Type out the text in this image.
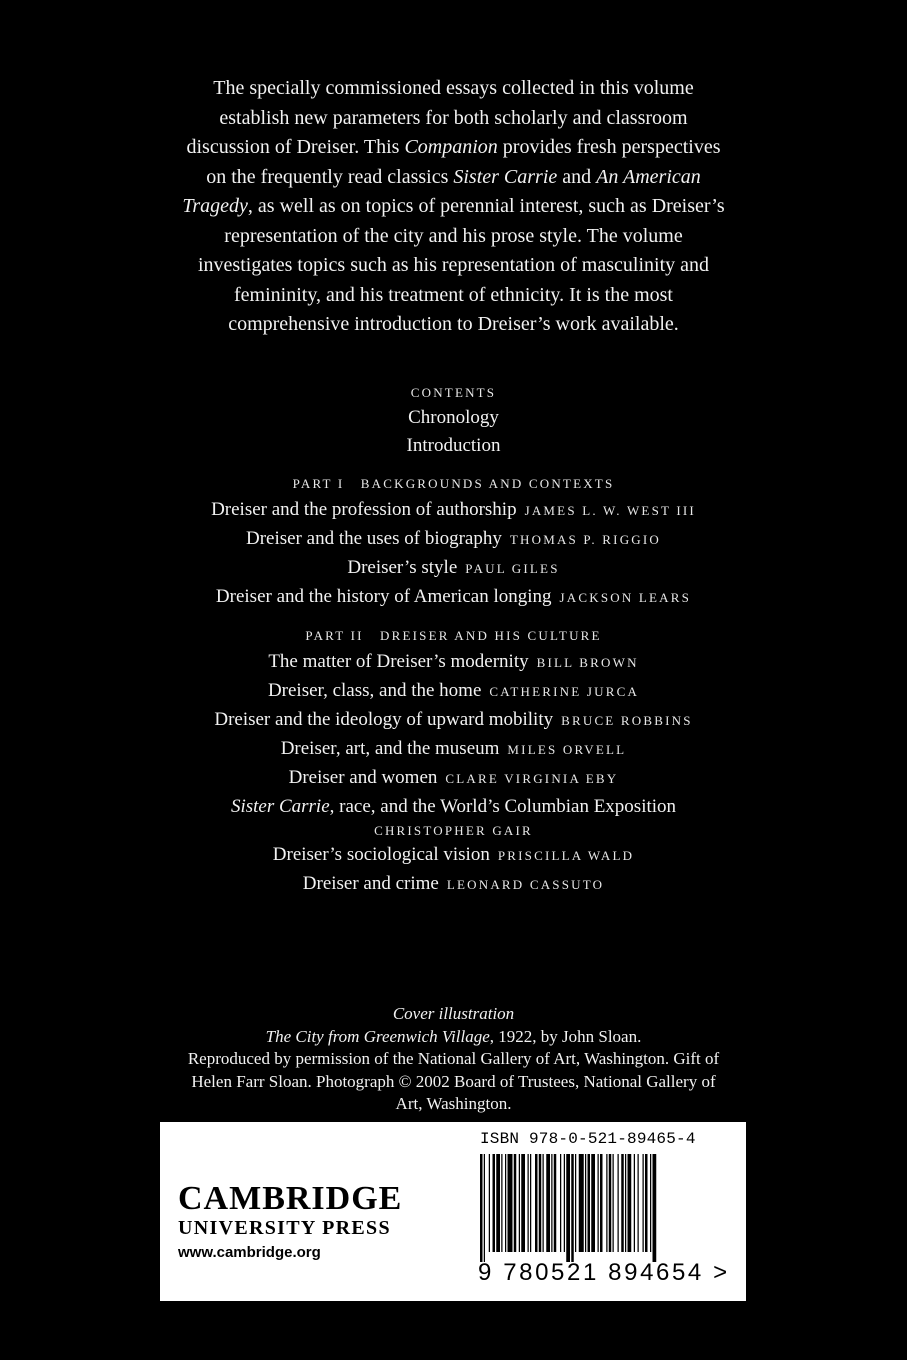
The specially commissioned essays collected in this volume
establish new parameters for both scholarly and classroom
discussion of Dreiser. This Companion provides fresh perspectives
on the frequently read classics Sister Carrie and An American
Tragedy, as well as on topics of perennial interest, such as Dreiser’s
representation of the city and his prose style. The volume
investigates topics such as his representation of masculinity and
femininity, and his treatment of ethnicity. It is the most
comprehensive introduction to Dreiser’s work available.
CONTENTS
Chronology
Introduction
PART I   BACKGROUNDS AND CONTEXTS
Dreiser and the profession of authorship JAMES L. W. WEST III
Dreiser and the uses of biography THOMAS P. RIGGIO
Dreiser’s style PAUL GILES
Dreiser and the history of American longing JACKSON LEARS
PART II   DREISER AND HIS CULTURE
The matter of Dreiser’s modernity BILL BROWN
Dreiser, class, and the home CATHERINE JURCA
Dreiser and the ideology of upward mobility BRUCE ROBBINS
Dreiser, art, and the museum MILES ORVELL
Dreiser and women CLARE VIRGINIA EBY
Sister Carrie, race, and the World’s Columbian Exposition
CHRISTOPHER GAIR
Dreiser’s sociological vision PRISCILLA WALD
Dreiser and crime LEONARD CASSUTO
Cover illustration
The City from Greenwich Village, 1922, by John Sloan.
Reproduced by permission of the National Gallery of Art, Washington. Gift of
Helen Farr Sloan. Photograph © 2002 Board of Trustees, National Gallery of
Art, Washington.
CAMBRIDGE
UNIVERSITY PRESS
www.cambridge.org
ISBN 978-0-521-89465-4
9 780521 894654 >
